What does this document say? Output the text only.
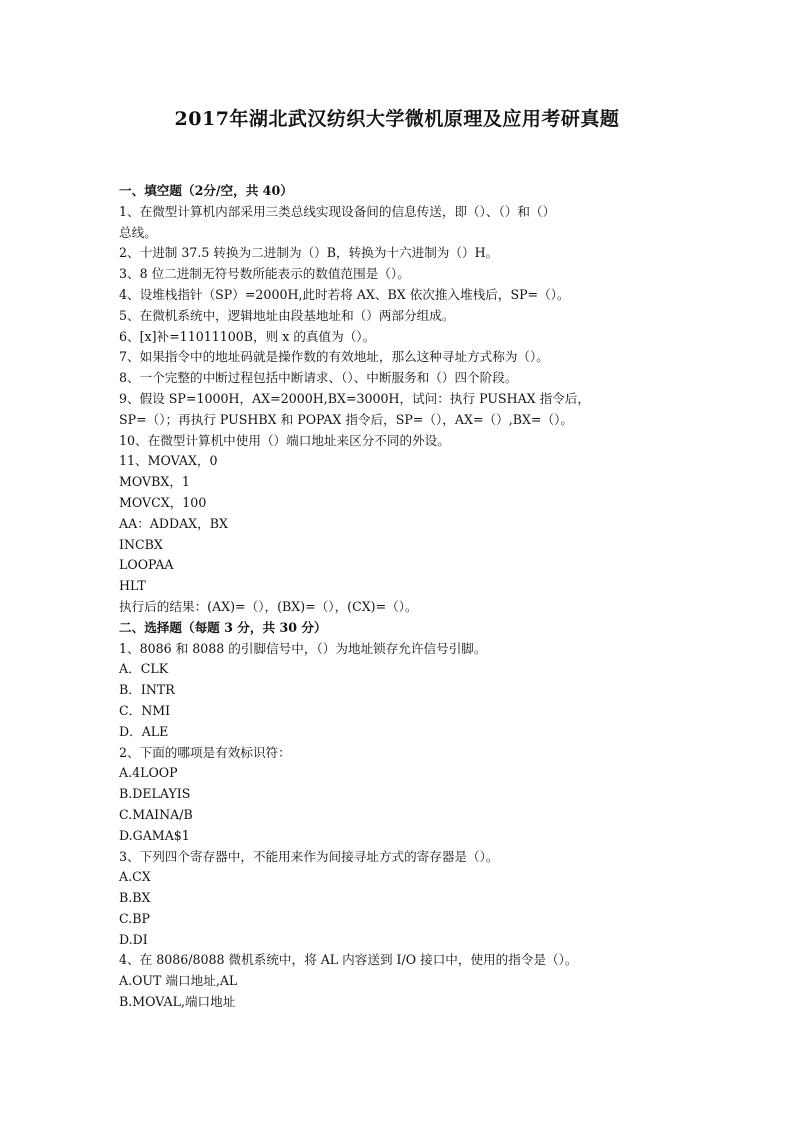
2017年湖北武汉纺织大学微机原理及应用考研真题
一、填空题（2分/空，共 40）
1、在微型计算机内部采用三类总线实现设备间的信息传送，即（）、（）和（）
总线。
2、十进制 37.5 转换为二进制为（）B，转换为十六进制为（）H。
3、8 位二进制无符号数所能表示的数值范围是（）。
4、设堆栈指针（SP）=2000H,此时若将 AX、BX 依次推入堆栈后，SP=（）。
5、在微机系统中，逻辑地址由段基地址和（）两部分组成。
6、[x]补=11011100B，则 x 的真值为（）。
7、如果指令中的地址码就是操作数的有效地址，那么这种寻址方式称为（）。
8、一个完整的中断过程包括中断请求、（）、中断服务和（）四个阶段。
9、假设 SP=1000H，AX=2000H,BX=3000H，试问：执行 PUSHAX 指令后，
SP=（）；再执行 PUSHBX 和 POPAX 指令后，SP=（），AX=（）,BX=（）。
10、在微型计算机中使用（）端口地址来区分不同的外设。
11、MOVAX，0
MOVBX，1
MOVCX，100
AA：ADDAX，BX
INCBX
LOOPAA
HLT
执行后的结果：(AX)=（），(BX)=（），(CX)=（）。
二、选择题（每题 3 分，共 30 分）
1、8086 和 8088 的引脚信号中，（）为地址锁存允许信号引脚。
A．CLK
B．INTR
C．NMI
D．ALE
2、下面的哪项是有效标识符：
A.4LOOP
B.DELAYIS
C.MAINA/B
D.GAMA$1
3、下列四个寄存器中，不能用来作为间接寻址方式的寄存器是（）。
A.CX
B.BX
C.BP
D.DI
4、在 8086/8088 微机系统中，将 AL 内容送到 I/O 接口中，使用的指令是（）。
A.OUT 端口地址,AL
B.MOVAL,端口地址
